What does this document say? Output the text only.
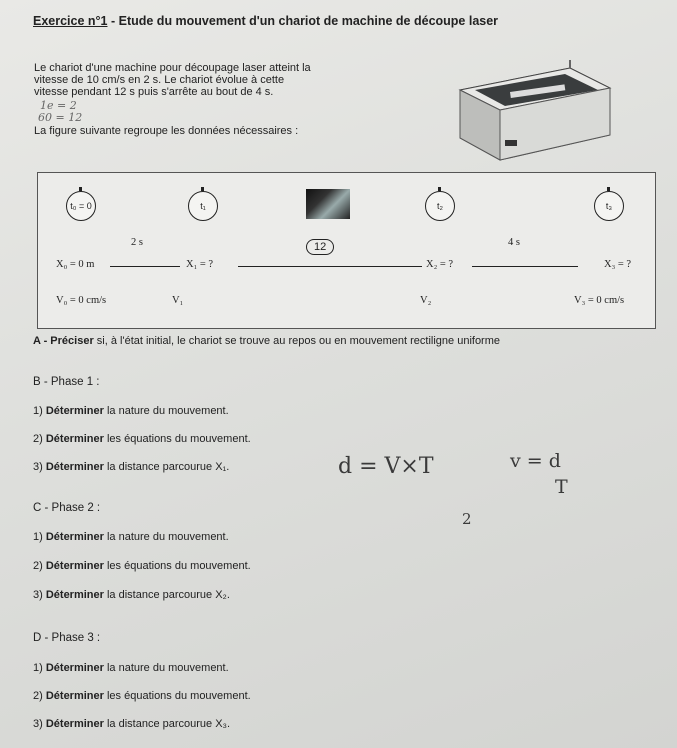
Exercice n°1 - Etude du mouvement d'un chariot de machine de découpe laser
Le chariot d'une machine pour découpage laser atteint la
vitesse de 10 cm/s en 2 s. Le chariot évolue à cette
vitesse pendant 12 s puis s'arrête au bout de 4 s.
1e = 2
60 = 12
La figure suivante regroupe les données nécessaires :
t₀ = 0	t₁	t₂	t₃
2 s	12	4 s
X₀ = 0 m	X₁ = ?	X₂ = ?	X₃ = ?
V₀ = 0 cm/s	V₁	V₂	V₃ = 0 cm/s
A - Préciser si, à l'état initial, le chariot se trouve au repos ou en mouvement rectiligne uniforme
B - Phase 1 :
1) Déterminer la nature du mouvement.
2) Déterminer les équations du mouvement.
3) Déterminer la distance parcourue X₁.	d = V×T	v = d
T
C - Phase 2 :
2
1) Déterminer la nature du mouvement.
2) Déterminer les équations du mouvement.
3) Déterminer la distance parcourue X₂.
D - Phase 3 :
1) Déterminer la nature du mouvement.
2) Déterminer les équations du mouvement.
3) Déterminer la distance parcourue X₃.
